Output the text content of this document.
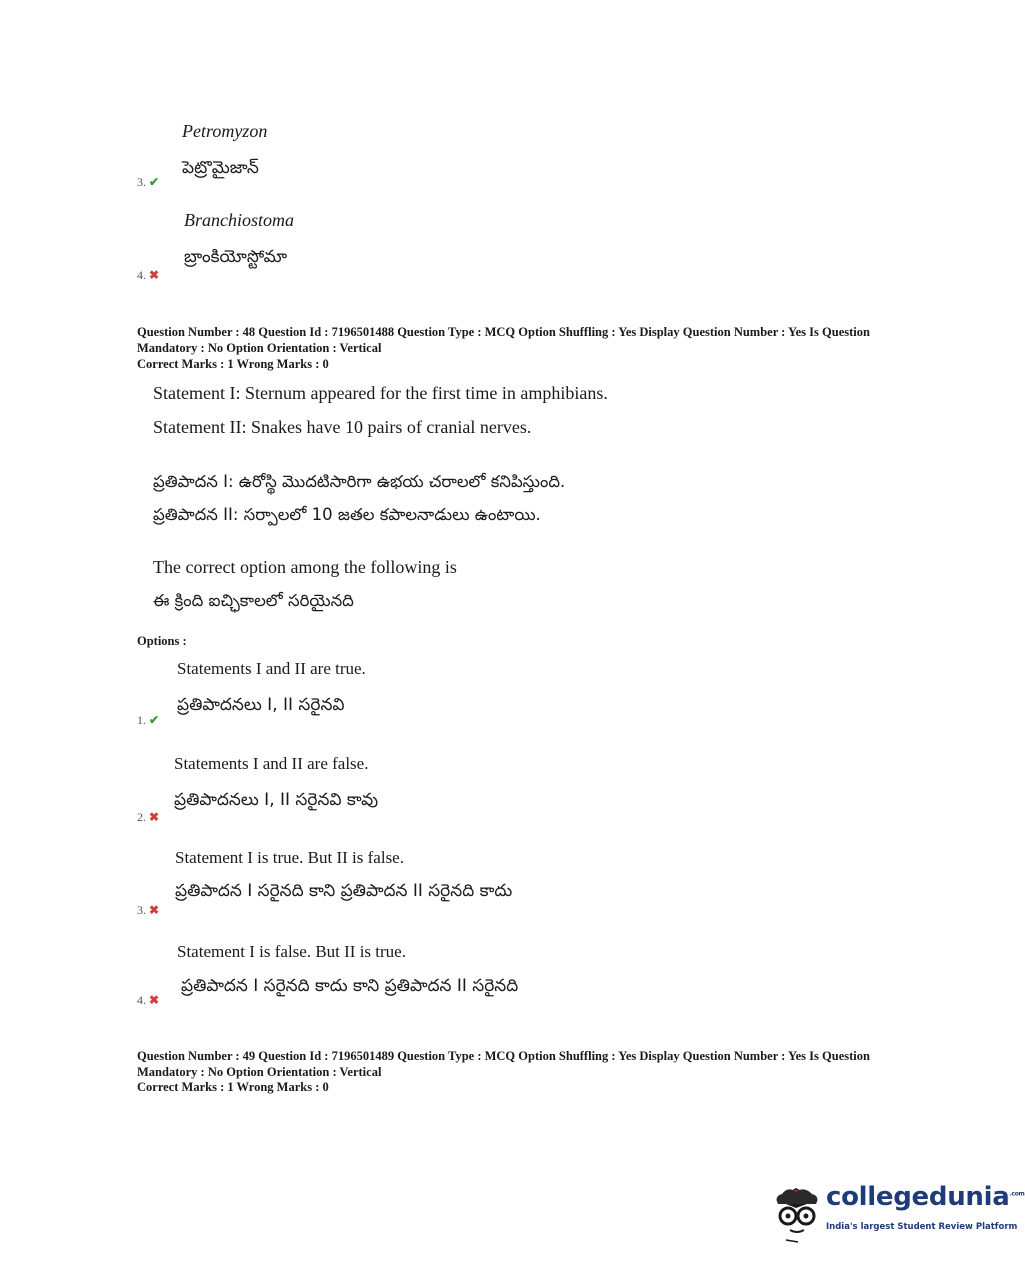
Petromyzon
పెట్రొమైజాన్
3. ✔
Branchiostoma
బ్రాంకియోస్టోమా
4. ✖
Question Number : 48 Question Id : 7196501488 Question Type : MCQ Option Shuffling : Yes Display Question Number : Yes Is Question Mandatory : No Option Orientation : Vertical
Correct Marks : 1 Wrong Marks : 0
Statement I: Sternum appeared for the first time in amphibians.
Statement II: Snakes have 10 pairs of cranial nerves.
ప్రతిపాదన I: ఉరోస్థి మొదటిసారిగా ఉభయ చరాలలో కనిపిస్తుంది.
ప్రతిపాదన II: సర్పాలలో 10 జతల కపాలనాడులు ఉంటాయి.
The correct option among the following is
ఈ క్రింది ఐచ్ఛికాలలో సరియైనది
Options :
Statements I and II are true.
ప్రతిపాదనలు I, II సరైనవి
1. ✔
Statements I and II are false.
ప్రతిపాదనలు I, II సరైనవి కావు
2. ✖
Statement I is true. But II is false.
ప్రతిపాదన I సరైనది కాని ప్రతిపాదన II సరైనది కాదు
3. ✖
Statement I is false. But II is true.
ప్రతిపాదన I సరైనది కాదు కాని ప్రతిపాదన II సరైనది
4. ✖
Question Number : 49 Question Id : 7196501489 Question Type : MCQ Option Shuffling : Yes Display Question Number : Yes Is Question Mandatory : No Option Orientation : Vertical
Correct Marks : 1 Wrong Marks : 0
collegedunia$^{.com}$
India's largest Student Review Platform
